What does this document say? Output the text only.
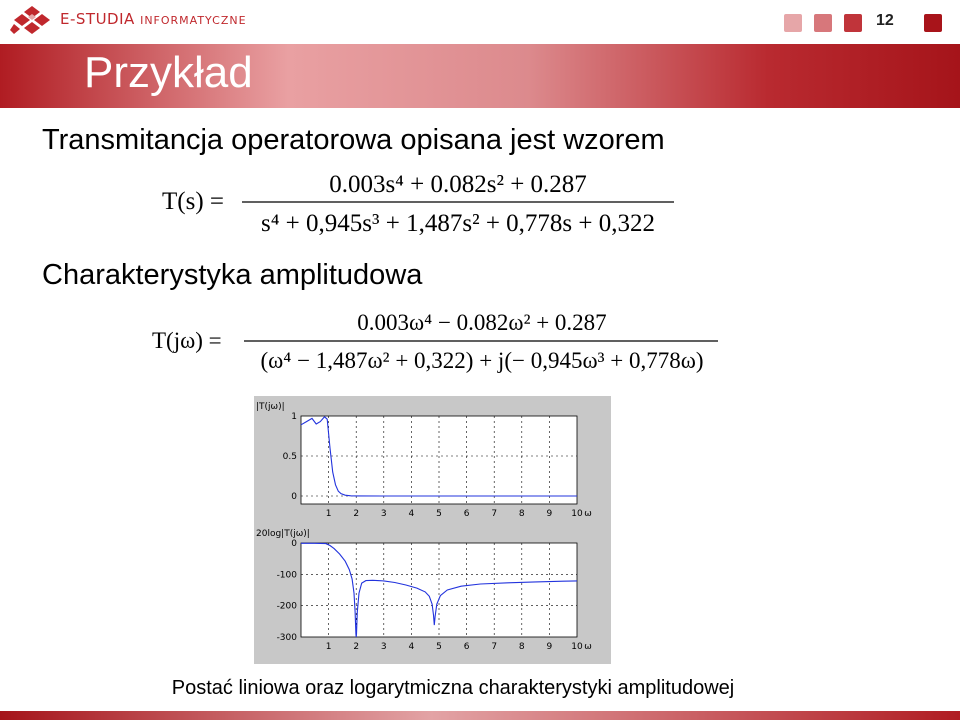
E-STUDIA INFORMATYCZNE	12
Przykład
Transmitancja operatorowa opisana jest wzorem
T(s) =
0.003s⁴ + 0.082s² + 0.287
s⁴ + 0,945s³ + 1,487s² + 0,778s + 0,322
Charakterystyka amplitudowa
T(jω) =
0.003ω⁴ − 0.082ω² + 0.287
(ω⁴ − 1,487ω² + 0,322) + j(− 0,945ω³ + 0,778ω)
1 2 3 4 5 6 7 8 9 10
0
0.5
1
|T(jω)|
ω
1 2 3 4 5 6 7 8 9 10
0
-100
-200
-300
20log|T(jω)|
ω
Postać liniowa oraz logarytmiczna charakterystyki amplitudowej
